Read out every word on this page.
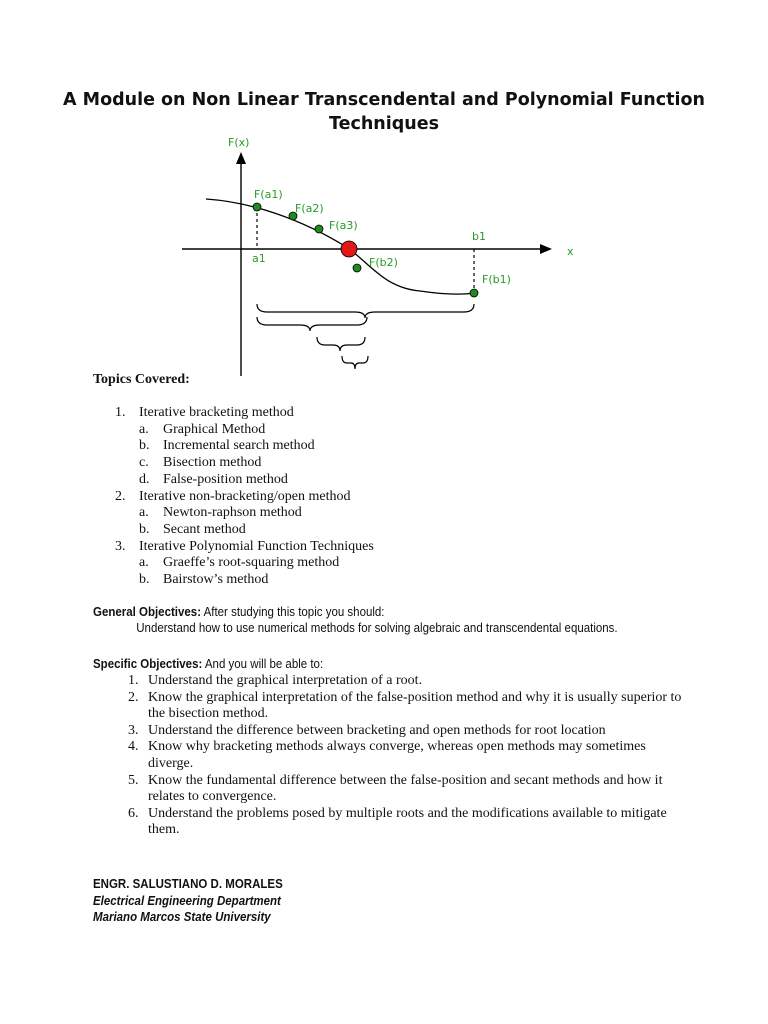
A Module on Non Linear Transcendental and Polynomial Function Techniques
F(x)
x
F(a1)
F(a2)
F(a3)
F(b2)
F(b1)
a1
b1
Topics Covered:
1. Iterative bracketing method
a.	Graphical Method
b. Incremental search method
c.	Bisection method
d. False-position method
2. Iterative non-bracketing/open method
a.	Newton-raphson method
b. Secant method
3. Iterative Polynomial Function Techniques
a.	Graeffe’s root-squaring method
b. Bairstow’s method
General Objectives: After studying this topic you should:
Understand how to use numerical methods for solving algebraic and transcendental equations.
Specific Objectives: And you will be able to:
1. Understand the graphical interpretation of a root.
2. Know the graphical interpretation of the false-position method and why it is usually superior to the bisection method.
3. Understand the difference between bracketing and open methods for root location
4. Know why bracketing methods always converge, whereas open methods may sometimes diverge.
5. Know the fundamental difference between the false-position and secant methods and how it relates to convergence.
6. Understand the problems posed by multiple roots and the modifications available to mitigate them.
ENGR. SALUSTIANO D. MORALES
Electrical Engineering Department
Mariano Marcos State University
